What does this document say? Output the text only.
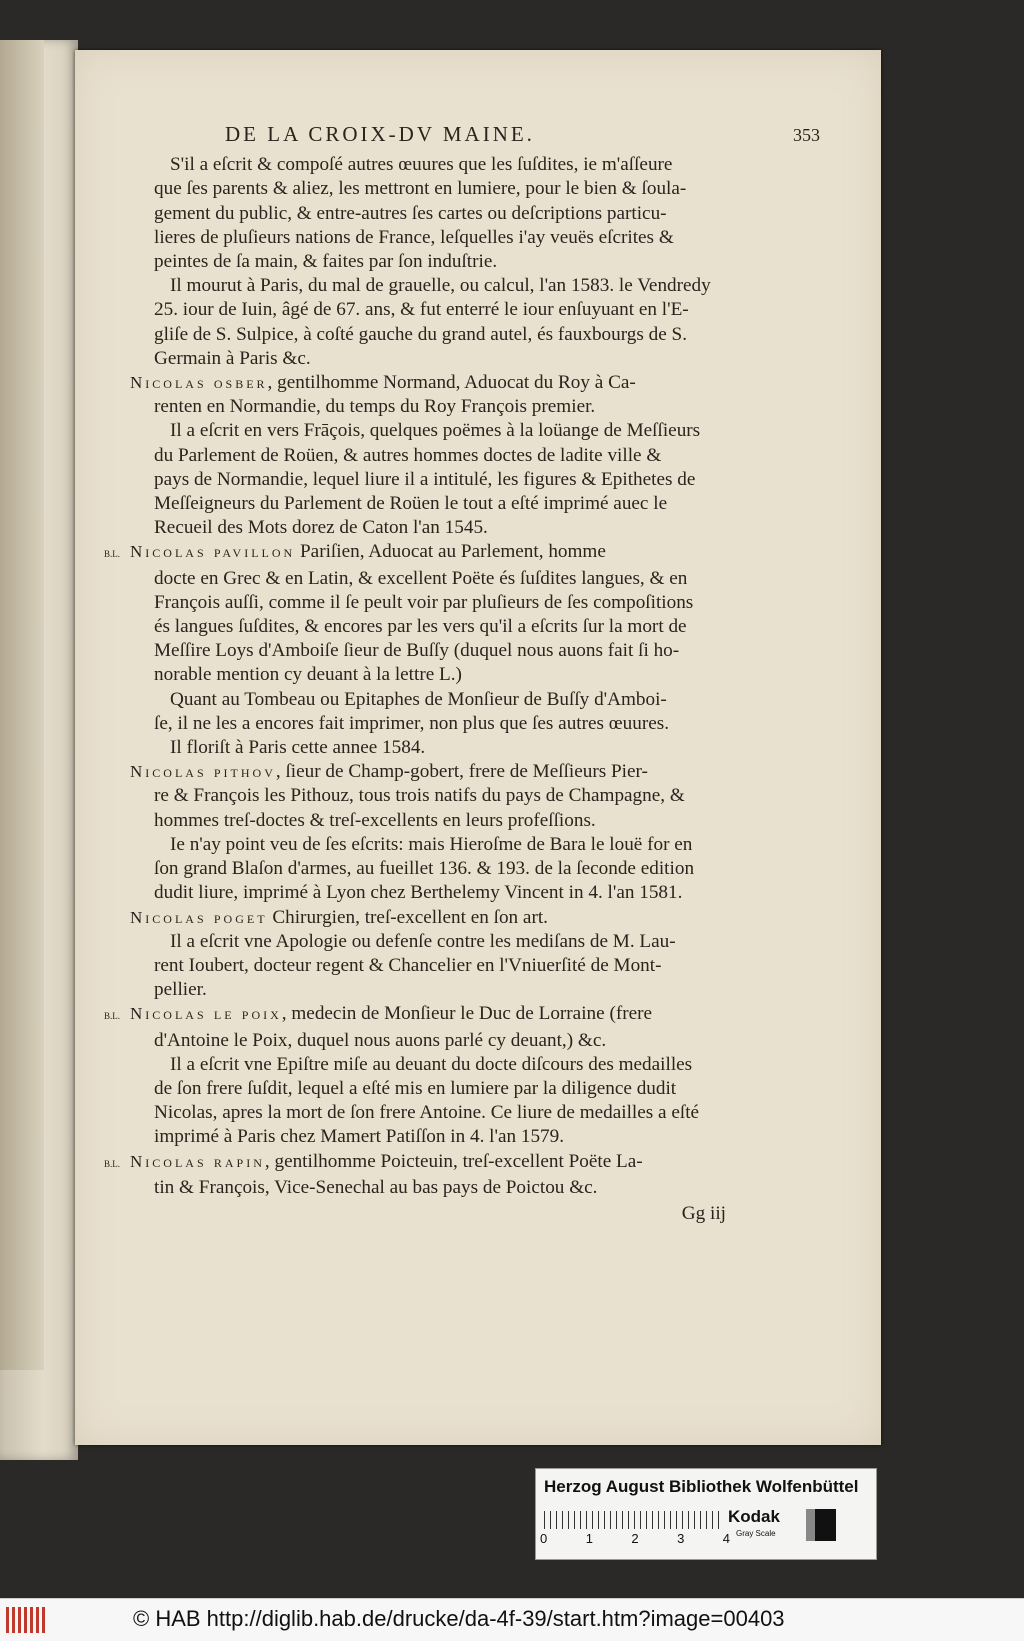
DE LA CROIX-DV MAINE.	353
S'il a eſcrit & compoſé autres œuures que les ſuſdites, ie m'aſſeure
que ſes parents & aliez, les mettront en lumiere, pour le bien & ſoula-
gement du public, & entre-autres ſes cartes ou deſcriptions particu-
lieres de pluſieurs nations de France, leſquelles i'ay veuës eſcrites &
peintes de ſa main, & faites par ſon induſtrie.
Il mourut à Paris, du mal de grauelle, ou calcul, l'an 1583. le Vendredy
25. iour de Iuin, âgé de 67. ans, & fut enterré le iour enſuyuant en l'E-
gliſe de S. Sulpice, à coſté gauche du grand autel, és fauxbourgs de S.
Germain à Paris &c.
Nicolas osber, gentilhomme Normand, Aduocat du Roy à Ca-
renten en Normandie, du temps du Roy François premier.
Il a eſcrit en vers Frāçois, quelques poëmes à la loüange de Meſſieurs
du Parlement de Roüen, & autres hommes doctes de ladite ville &
pays de Normandie, lequel liure il a intitulé, les figures & Epithetes de
Meſſeigneurs du Parlement de Roüen le tout a eſté imprimé auec le
Recueil des Mots dorez de Caton l'an 1545.
B.L. Nicolas pavillon Pariſien, Aduocat au Parlement, homme
docte en Grec & en Latin, & excellent Poëte és ſuſdites langues, & en
François auſſi, comme il ſe peult voir par pluſieurs de ſes compoſitions
és langues ſuſdites, & encores par les vers qu'il a eſcrits ſur la mort de
Meſſire Loys d'Amboiſe ſieur de Buſſy (duquel nous auons fait ſi ho-
norable mention cy deuant à la lettre L.)
Quant au Tombeau ou Epitaphes de Monſieur de Buſſy d'Amboi-
ſe, il ne les a encores fait imprimer, non plus que ſes autres œuures.
Il floriſt à Paris cette annee 1584.
Nicolas pithov, ſieur de Champ-gobert, frere de Meſſieurs Pier-
re & François les Pithouz, tous trois natifs du pays de Champagne, &
hommes treſ-doctes & treſ-excellents en leurs profeſſions.
Ie n'ay point veu de ſes eſcrits: mais Hieroſme de Bara le louë for en
ſon grand Blaſon d'armes, au fueillet 136. & 193. de la ſeconde edition
dudit liure, imprimé à Lyon chez Berthelemy Vincent in 4. l'an 1581.
Nicolas poget Chirurgien, treſ-excellent en ſon art.
Il a eſcrit vne Apologie ou defenſe contre les mediſans de M. Lau-
rent Ioubert, docteur regent & Chancelier en l'Vniuerſité de Mont-
pellier.
B.L. Nicolas le poix, medecin de Monſieur le Duc de Lorraine (frere
d'Antoine le Poix, duquel nous auons parlé cy deuant,) &c.
Il a eſcrit vne Epiſtre miſe au deuant du docte diſcours des medailles
de ſon frere ſuſdit, lequel a eſté mis en lumiere par la diligence dudit
Nicolas, apres la mort de ſon frere Antoine. Ce liure de medailles a eſté
imprimé à Paris chez Mamert Patiſſon in 4. l'an 1579.
B.L. Nicolas rapin, gentilhomme Poicteuin, treſ-excellent Poëte La-
tin & François, Vice-Senechal au bas pays de Poictou &c.
Gg iij
Herzog August Bibliothek Wolfenbüttel
0	1	2	3	4
Kodak
Gray Scale
© HAB http://diglib.hab.de/drucke/da-4f-39/start.htm?image=00403
